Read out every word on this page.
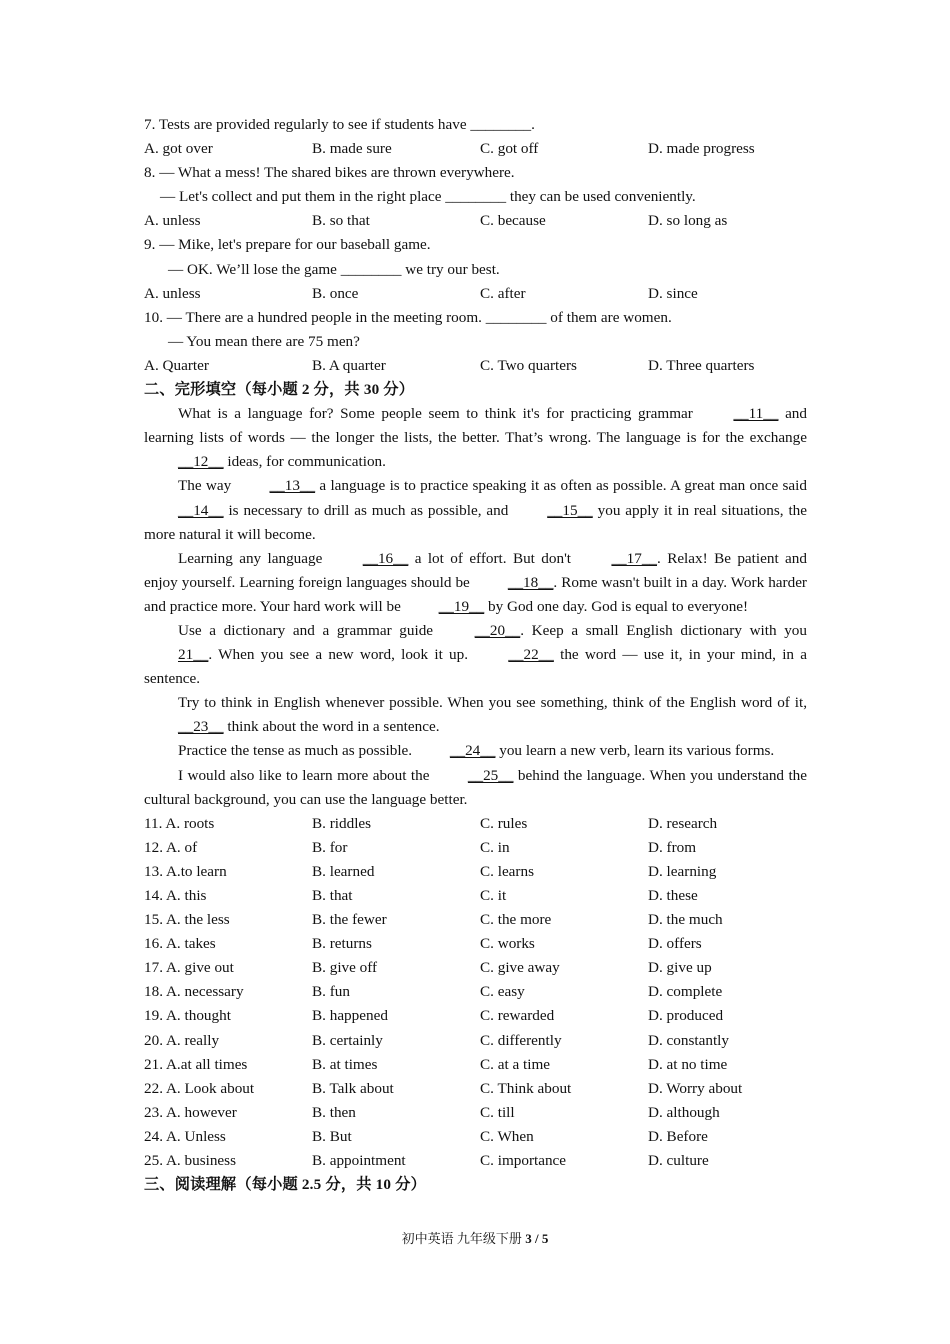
7. Tests are provided regularly to see if students have ________.
A. got over	B. made sure	C. got off	D. made progress
8. — What a mess! The shared bikes are thrown everywhere.
— Let's collect and put them in the right place ________ they can be used conveniently.
A. unless	B. so that	C. because	D. so long as
9. — Mike, let's prepare for our baseball game.
— OK. We’ll lose the game ________ we try our best.
A. unless	B. once	C. after	D. since
10. — There are a hundred people in the meeting room. ________ of them are women.
— You mean there are 75 men?
A. Quarter	B. A quarter	C. Two quarters	D. Three quarters
二、完形填空（每小题 2 分，共 30 分）
What is a language for? Some people seem to think it's for practicing grammar __11__ and learning lists of words — the longer the lists, the better. That’s wrong. The language is for the exchange __12__ ideas, for communication.
The way __13__ a language is to practice speaking it as often as possible. A great man once said __14__ is necessary to drill as much as possible, and __15__ you apply it in real situations, the more natural it will become.
Learning any language __16__ a lot of effort. But don't __17__. Relax! Be patient and enjoy yourself. Learning foreign languages should be __18__. Rome wasn't built in a day. Work harder and practice more. Your hard work will be __19__ by God one day. God is equal to everyone!
Use a dictionary and a grammar guide __20__. Keep a small English dictionary with you 21__. When you see a new word, look it up. __22__ the word — use it, in your mind, in a sentence.
Try to think in English whenever possible. When you see something, think of the English word of it, __23__ think about the word in a sentence.
Practice the tense as much as possible. __24__ you learn a new verb, learn its various forms.
I would also like to learn more about the __25__ behind the language. When you understand the cultural background, you can use the language better.
11. A. roots	B. riddles	C. rules	D. research
12. A. of	B. for	C. in	D. from
13. A.to learn	B. learned	C. learns	D. learning
14. A. this	B. that	C. it	D. these
15. A. the less	B. the fewer	C. the more	D. the much
16. A. takes	B. returns	C. works	D. offers
17. A. give out	B. give off	C. give away	D. give up
18. A. necessary	B. fun	C. easy	D. complete
19. A. thought	B. happened	C. rewarded	D. produced
20. A. really	B. certainly	C. differently	D. constantly
21. A.at all times	B. at times	C. at a time	D. at no time
22. A. Look about	B. Talk about	C. Think about	D. Worry about
23. A. however	B. then	C. till	D. although
24. A. Unless	B. But	C. When	D. Before
25. A. business	B. appointment	C. importance	D. culture
三、阅读理解（每小题 2.5 分，共 10 分）
初中英语 九年级下册 3 / 5
